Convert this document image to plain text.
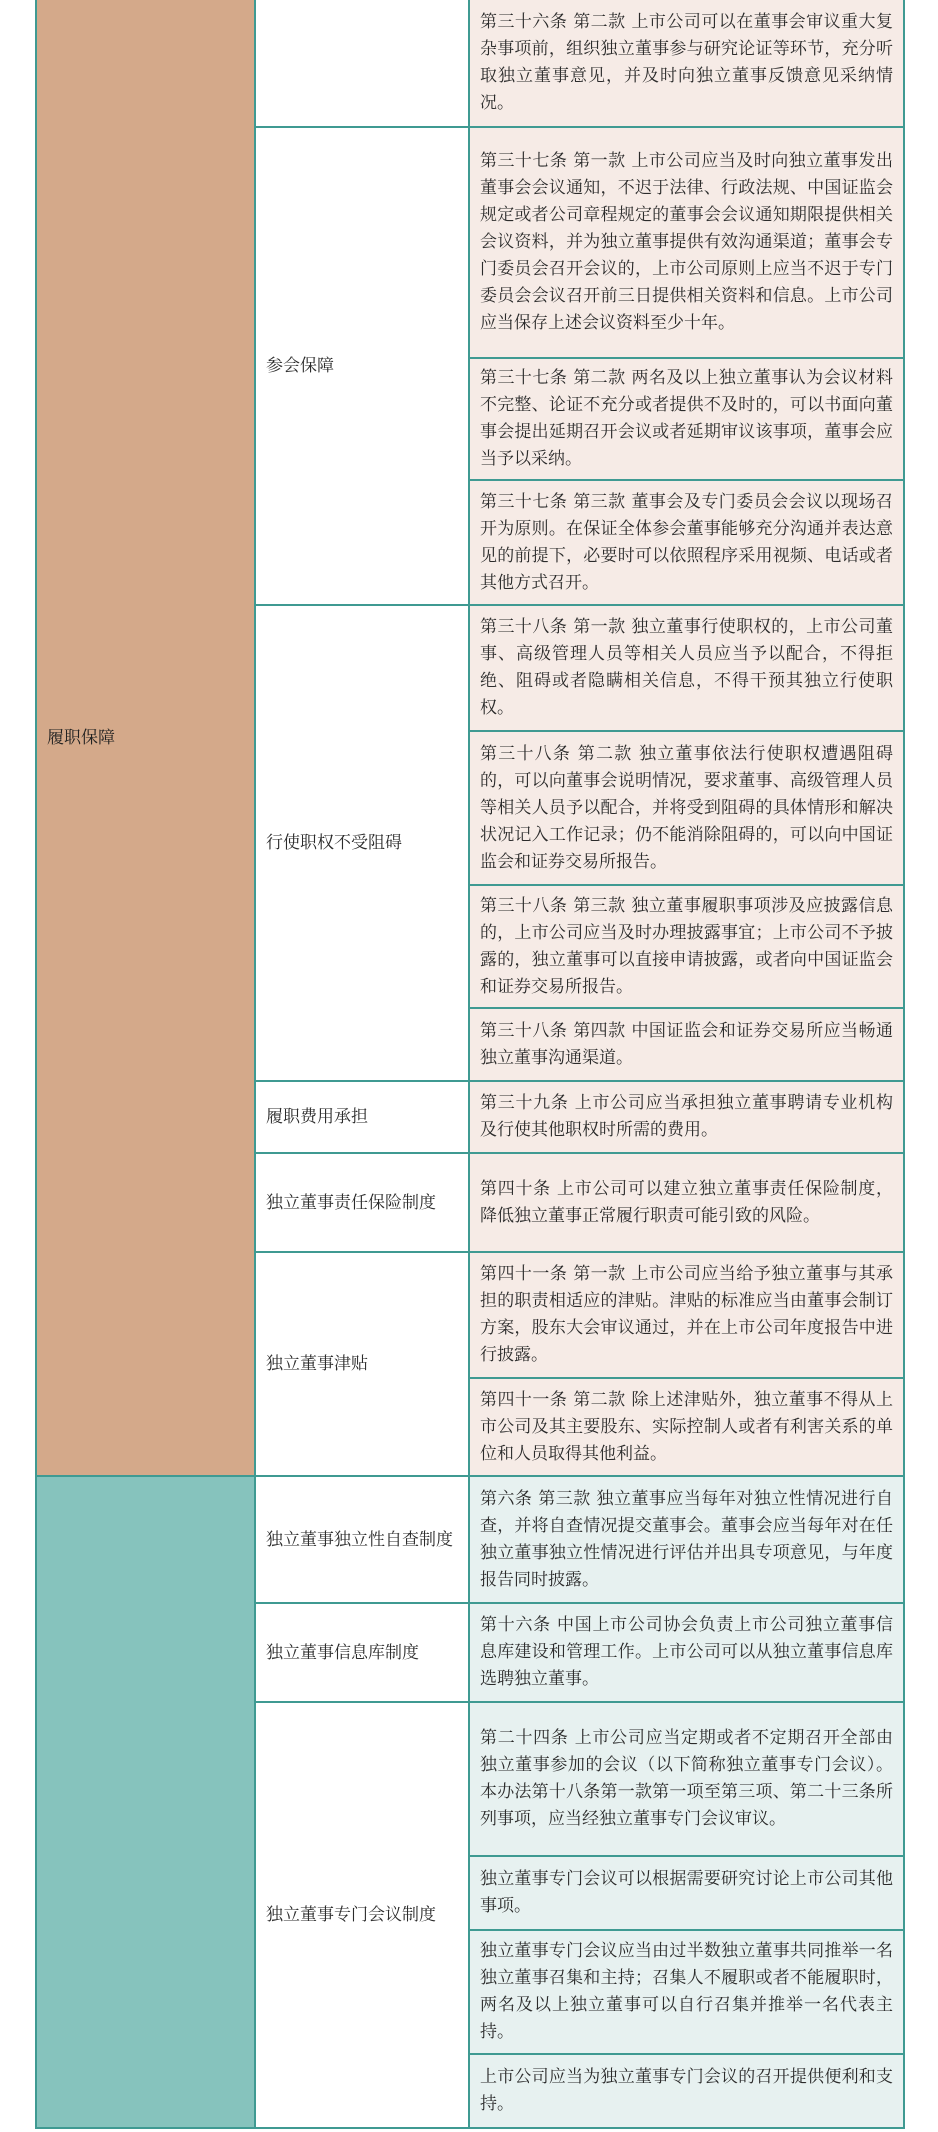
履职保障		第三十六条 第二款 上市公司可以在董事会审议重大复杂事项前，组织独立董事参与研究论证等环节，充分听取独立董事意见，并及时向独立董事反馈意见采纳情况。
	参会保障	第三十七条 第一款 上市公司应当及时向独立董事发出董事会会议通知，不迟于法律、行政法规、中国证监会规定或者公司章程规定的董事会会议通知期限提供相关会议资料，并为独立董事提供有效沟通渠道；董事会专门委员会召开会议的，上市公司原则上应当不迟于专门委员会会议召开前三日提供相关资料和信息。上市公司应当保存上述会议资料至少十年。
		第三十七条 第二款 两名及以上独立董事认为会议材料不完整、论证不充分或者提供不及时的，可以书面向董事会提出延期召开会议或者延期审议该事项，董事会应当予以采纳。
		第三十七条 第三款 董事会及专门委员会会议以现场召开为原则。在保证全体参会董事能够充分沟通并表达意见的前提下，必要时可以依照程序采用视频、电话或者其他方式召开。
	行使职权不受阻碍	第三十八条 第一款 独立董事行使职权的，上市公司董事、高级管理人员等相关人员应当予以配合，不得拒绝、阻碍或者隐瞒相关信息，不得干预其独立行使职权。
		第三十八条 第二款 独立董事依法行使职权遭遇阻碍的，可以向董事会说明情况，要求董事、高级管理人员等相关人员予以配合，并将受到阻碍的具体情形和解决状况记入工作记录；仍不能消除阻碍的，可以向中国证监会和证券交易所报告。
		第三十八条 第三款 独立董事履职事项涉及应披露信息的，上市公司应当及时办理披露事宜；上市公司不予披露的，独立董事可以直接申请披露，或者向中国证监会和证券交易所报告。
		第三十八条 第四款 中国证监会和证券交易所应当畅通独立董事沟通渠道。
	履职费用承担	第三十九条 上市公司应当承担独立董事聘请专业机构及行使其他职权时所需的费用。
	独立董事责任保险制度	第四十条 上市公司可以建立独立董事责任保险制度，降低独立董事正常履行职责可能引致的风险。
	独立董事津贴	第四十一条 第一款 上市公司应当给予独立董事与其承担的职责相适应的津贴。津贴的标准应当由董事会制订方案，股东大会审议通过，并在上市公司年度报告中进行披露。
		第四十一条 第二款 除上述津贴外，独立董事不得从上市公司及其主要股东、实际控制人或者有利害关系的单位和人员取得其他利益。
	独立董事独立性自查制度	第六条 第三款 独立董事应当每年对独立性情况进行自查，并将自查情况提交董事会。董事会应当每年对在任独立董事独立性情况进行评估并出具专项意见，与年度报告同时披露。
	独立董事信息库制度	第十六条 中国上市公司协会负责上市公司独立董事信息库建设和管理工作。上市公司可以从独立董事信息库选聘独立董事。
	独立董事专门会议制度	第二十四条 上市公司应当定期或者不定期召开全部由独立董事参加的会议（以下简称独立董事专门会议）。本办法第十八条第一款第一项至第三项、第二十三条所列事项，应当经独立董事专门会议审议。
		独立董事专门会议可以根据需要研究讨论上市公司其他事项。
		独立董事专门会议应当由过半数独立董事共同推举一名独立董事召集和主持；召集人不履职或者不能履职时，两名及以上独立董事可以自行召集并推举一名代表主持。
		上市公司应当为独立董事专门会议的召开提供便利和支持。
